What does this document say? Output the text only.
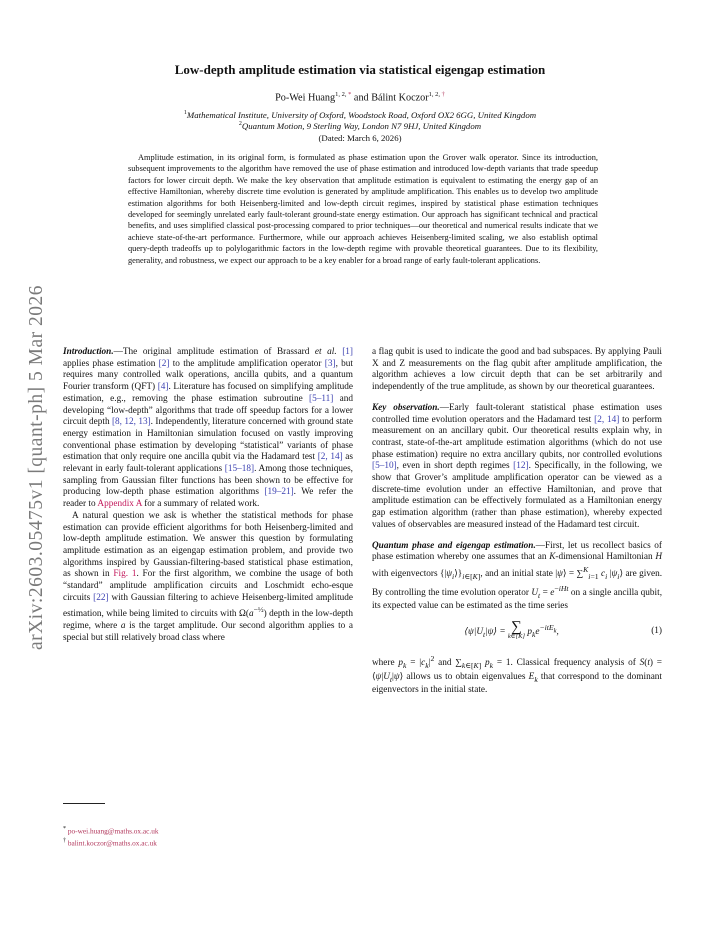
arXiv:2603.05475v1 [quant-ph] 5 Mar 2026
Low-depth amplitude estimation via statistical eigengap estimation
Po-Wei Huang$^{1, 2,}$ * and Bálint Koczor$^{1, 2,}$ †
$^1$Mathematical Institute, University of Oxford, Woodstock Road, Oxford OX2 6GG, United Kingdom
$^2$Quantum Motion, 9 Sterling Way, London N7 9HJ, United Kingdom
(Dated: March 6, 2026)

Amplitude estimation, in its original form, is formulated as phase estimation upon the Grover walk operator. Since its introduction, subsequent improvements to the algorithm have removed the use of phase estimation and introduced low-depth variants that trade speedup factors for lower circuit depth. We make the key observation that amplitude estimation is equivalent to estimating the energy gap of an effective Hamiltonian, whereby discrete time evolution is generated by amplitude amplification. This enables us to develop two amplitude estimation algorithms for both Heisenberg-limited and low-depth circuit regimes, inspired by statistical phase estimation techniques developed for seemingly unrelated early fault-tolerant ground-state energy estimation. Our approach has significant technical and practical benefits, and uses simplified classical post-processing compared to prior techniques—our theoretical and numerical results indicate that we achieve state-of-the-art performance. Furthermore, while our approach achieves Heisenberg-limited scaling, we also establish optimal query-depth tradeoffs up to polylogarithmic factors in the low-depth regime with provable theoretical guarantees. Due to its flexibility, generality, and robustness, we expect our approach to be a key enabler for a broad range of early fault-tolerant applications.

Introduction.—The original amplitude estimation of Brassard et al. [1] applies phase estimation [2] to the amplitude amplification operator [3], but requires many controlled walk operations, ancilla qubits, and a quantum Fourier transform (QFT) [4]. Literature has focused on simplifying amplitude estimation, e.g., removing the phase estimation subroutine [5–11] and developing “low-depth” algorithms that trade off speedup factors for a lower circuit depth [8, 12, 13]. Independently, literature concerned with ground state energy estimation in Hamiltonian simulation focused on vastly improving conventional phase estimation by developing “statistical” variants of phase estimation that only require one ancilla qubit via the Hadamard test [2, 14] as relevant in early fault-tolerant applications [15–18]. Among those techniques, sampling from Gaussian filter functions has been shown to be effective for producing low-depth phase estimation algorithms [19–21]. We refer the reader to Appendix A for a summary of related work.

A natural question we ask is whether the statistical methods for phase estimation can provide efficient algorithms for both Heisenberg-limited and low-depth amplitude estimation. We answer this question by formulating amplitude estimation as an eigengap estimation problem, and provide two algorithms inspired by Gaussian-filtering-based statistical phase estimation, as shown in Fig. 1. For the first algorithm, we combine the usage of both “standard” amplitude amplification circuits and Loschmidt echo-esque circuits [22] with Gaussian filtering to achieve Heisenberg-limited amplitude estimation, while being limited to circuits with $\Omega(a^{-\frac{1}{2}})$ depth in the low-depth regime, where a is the target amplitude. Our second algorithm applies to a special but still relatively broad class where

a flag qubit is used to indicate the good and bad subspaces. By applying Pauli X and Z measurements on the flag qubit after amplitude amplification, the algorithm achieves a low circuit depth that can be set arbitrarily and independently of the true amplitude, as shown by our theoretical guarantees.

Key observation.—Early fault-tolerant statistical phase estimation uses controlled time evolution operators and the Hadamard test [2, 14] to perform measurement on an ancillary qubit. Our theoretical results explain why, in contrast, state-of-the-art amplitude estimation algorithms (which do not use phase estimation) require no extra ancillary qubits, nor controlled evolutions [5–10], even in short depth regimes [12]. Specifically, in the following, we show that Grover’s amplitude amplification operator can be viewed as a discrete-time evolution under an effective Hamiltonian, and prove that amplitude estimation can be effectively formulated as a Hamiltonian energy gap estimation algorithm (rather than phase estimation), whereby expected values of observables are measured instead of the Hadamard test circuit.

Quantum phase and eigengap estimation.—First, let us recollect basics of phase estimation whereby one assumes that an K-dimensional Hamiltonian H with eigenvectors $\{|\psi_i⟩\}_{i\in[K]}$, and an initial state |ψ⟩ = ∑$^K_{i=1}$ $c_i$ $|\psi_i⟩$ are given. By controlling the time evolution operator $U_t = e^{-iHt}$ on a single ancilla qubit, its expected value can be estimated as the time series

$⟨\psi|U_t|\psi⟩$ = ∑
k∈[K] $p_ke^{-itE_k}$,	(1)

where $p_k = |c_k|^2$ and $\sum_{k\in[K]}$ $p_k = 1$. Classical frequency analysis of $S(t) = ⟨\psi|U_t|\psi⟩$ allows us to obtain eigenvalues $E_k$ that correspond to the dominant eigenvectors in the initial state.

* po-wei.huang@maths.ox.ac.uk
† balint.koczor@maths.ox.ac.uk
